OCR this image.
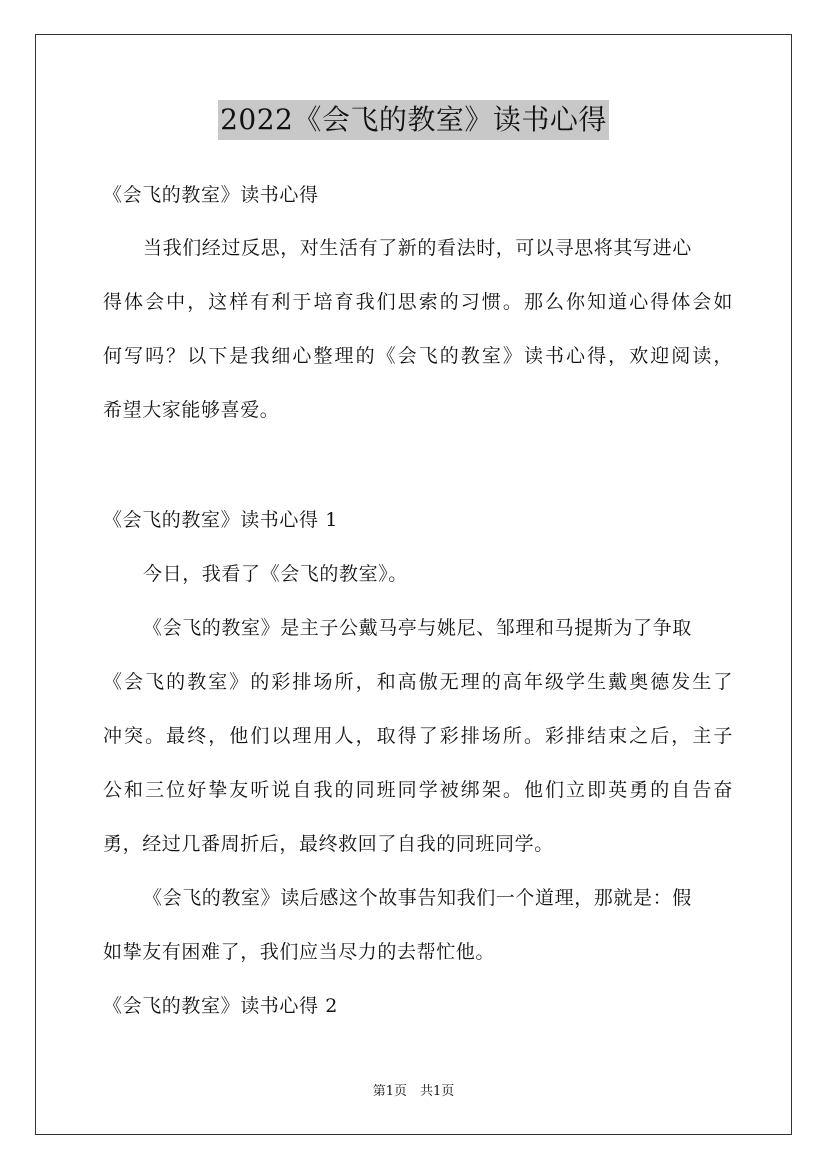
2022《会飞的教室》读书心得
《会飞的教室》读书心得
当我们经过反思，对生活有了新的看法时，可以寻思将其写进心
得体会中，这样有利于培育我们思索的习惯。那么你知道心得体会如
何写吗？以下是我细心整理的《会飞的教室》读书心得，欢迎阅读，
希望大家能够喜爱。
《会飞的教室》读书心得 1
今日，我看了《会飞的教室》。
《会飞的教室》是主子公戴马亭与姚尼、邹理和马提斯为了争取
《会飞的教室》的彩排场所，和高傲无理的高年级学生戴奥德发生了
冲突。最终，他们以理用人，取得了彩排场所。彩排结束之后，主子
公和三位好挚友听说自我的同班同学被绑架。他们立即英勇的自告奋
勇，经过几番周折后，最终救回了自我的同班同学。
《会飞的教室》读后感这个故事告知我们一个道理，那就是：假
如挚友有困难了，我们应当尽力的去帮忙他。
《会飞的教室》读书心得 2
第1页　共1页
